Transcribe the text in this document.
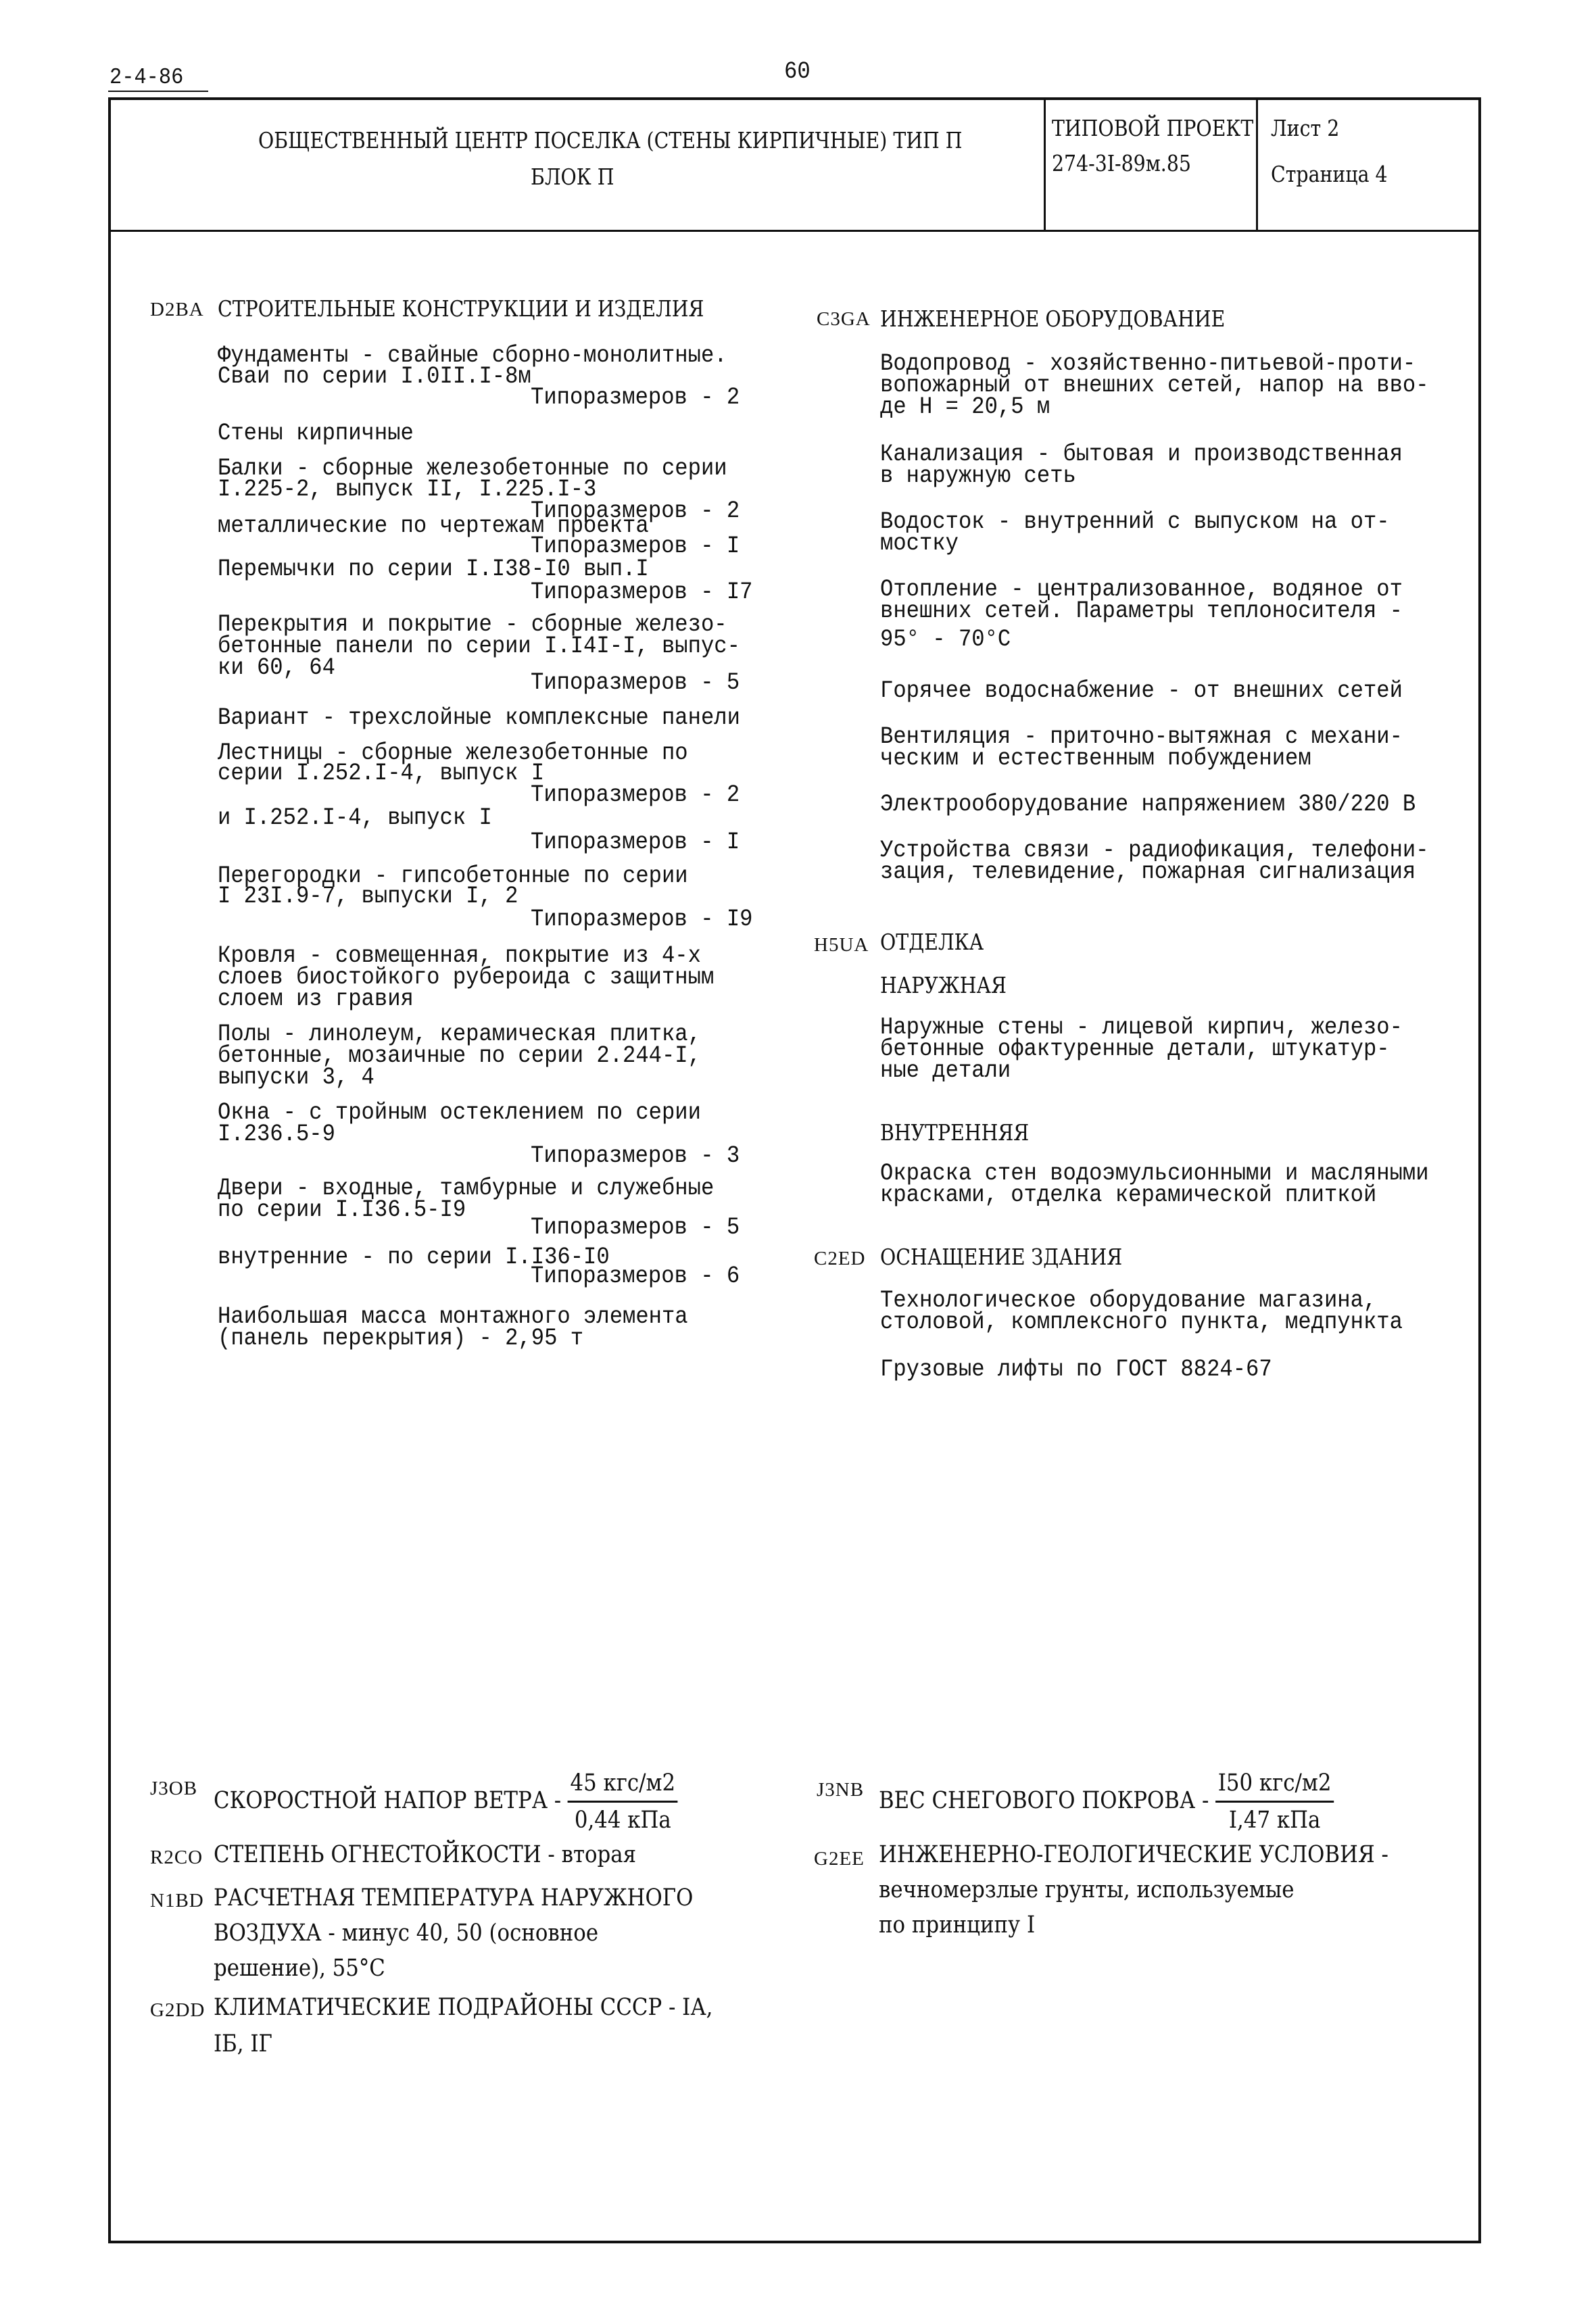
2-4-86	60
ОБЩЕСТВЕННЫЙ ЦЕНТР ПОСЕЛКА (СТЕНЫ КИРПИЧНЫЕ) ТИП П
БЛОК П
ТИПОВОЙ ПРОЕКТ
274-3I-89м.85
Лист 2
Страница 4
D2BA СТРОИТЕЛЬНЫЕ КОНСТРУКЦИИ И ИЗДЕЛИЯ
Фундаменты - свайные сборно-монолитные.
Сваи по серии I.0II.I-8м
Типоразмеров - 2
Стены кирпичные
Балки - сборные железобетонные по серии
I.225-2, выпуск II, I.225.I-3
Типоразмеров - 2
металлические по чертежам проекта
Типоразмеров - I
Перемычки по серии I.I38-I0 вып.I
Типоразмеров - I7
Перекрытия и покрытие - сборные железо-
бетонные панели по серии I.I4I-I, выпус-
ки 60, 64
Типоразмеров - 5
Вариант - трехслойные комплексные панели
Лестницы - сборные железобетонные по
серии I.252.I-4, выпуск I
Типоразмеров - 2
и I.252.I-4, выпуск I
Типоразмеров - I
Перегородки - гипсобетонные по серии
I 23I.9-7, выпуски I, 2
Типоразмеров - I9
Кровля - совмещенная, покрытие из 4-х
слоев биостойкого рубероида с защитным
слоем из гравия
Полы - линолеум, керамическая плитка,
бетонные, мозаичные по серии 2.244-I,
выпуски 3, 4
Окна - с тройным остеклением по серии
I.236.5-9
Типоразмеров - 3
Двери - входные, тамбурные и служебные
по серии I.I36.5-I9
Типоразмеров - 5
внутренние - по серии I.I36-I0
Типоразмеров - 6
Наибольшая масса монтажного элемента
(панель перекрытия) - 2,95 т
C3GA ИНЖЕНЕРНОЕ ОБОРУДОВАНИЕ
Водопровод - хозяйственно-питьевой-проти-
вопожарный от внешних сетей, напор на вво-
де Н = 20,5 м
Канализация - бытовая и производственная
в наружную сеть
Водосток - внутренний с выпуском на от-
мостку
Отопление - централизованное, водяное от
внешних сетей. Параметры теплоносителя -
95° - 70°С
Горячее водоснабжение - от внешних сетей
Вентиляция - приточно-вытяжная с механи-
ческим и естественным побуждением
Электрооборудование напряжением 380/220 В
Устройства связи - радиофикация, телефони-
зация, телевидение, пожарная сигнализация
H5UA ОТДЕЛКА
НАРУЖНАЯ
Наружные стены - лицевой кирпич, железо-
бетонные офактуренные детали, штукатур-
ные детали
ВНУТРЕННЯЯ
Окраска стен водоэмульсионными и масляными
красками, отделка керамической плиткой
C2ED ОСНАЩЕНИЕ ЗДАНИЯ
Технологическое оборудование магазина,
столовой, комплексного пункта, медпункта
Грузовые лифты по ГОСТ 8824-67
J3OB СКОРОСТНОЙ НАПОР ВЕТРА - $\frac{\text{45 кгс/м2}}{\text{0,44 кПа}}$
R2CO СТЕПЕНЬ ОГНЕСТОЙКОСТИ - вторая
N1BD РАСЧЕТНАЯ ТЕМПЕРАТУРА НАРУЖНОГО
ВОЗДУХА - минус 40, 50 (основное
решение), 55°С
G2DD КЛИМАТИЧЕСКИЕ ПОДРАЙОНЫ СССР - IА,
IБ, IГ
J3NB ВЕС СНЕГОВОГО ПОКРОВА - $\frac{\text{I50 кгс/м2}}{\text{I,47 кПа}}$
G2EE ИНЖЕНЕРНО-ГЕОЛОГИЧЕСКИЕ УСЛОВИЯ -
вечномерзлые грунты, используемые
по принципу I
